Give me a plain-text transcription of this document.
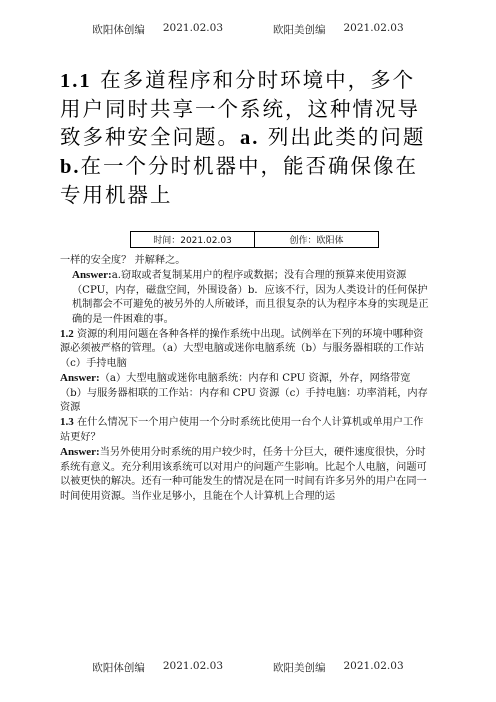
欧阳体创编 2021.02.03	欧阳美创编 2021.02.03
1.1 在多道程序和分时环境中，多个用户同时共享一个系统，这种情况导致多种安全问题。a. 列出此类的问题 b.在一个分时机器中，能否确保像在专用机器上
时间：2021.02.03	创作：欧阳体

一样的安全度？ 并解释之。

Answer:a.窃取或者复制某用户的程序或数据；没有合理的预算来使用资源（CPU，内存，磁盘空间，外围设备）b．应该不行，因为人类设计的任何保护机制都会不可避免的被另外的人所破译，而且很复杂的认为程序本身的实现是正确的是一件困难的事。

1.2 资源的利用问题在各种各样的操作系统中出现。试例举在下列的环境中哪种资源必须被严格的管理。（a）大型电脑或迷你电脑系统（b）与服务器相联的工作站（c）手持电脑

Answer:（a）大型电脑或迷你电脑系统：内存和 CPU 资源，外存，网络带宽

（b）与服务器相联的工作站：内存和 CPU 资源（c）手持电脑：功率消耗，内存资源

1.3 在什么情况下一个用户使用一个分时系统比使用一台个人计算机或单用户工作站更好？

Answer:当另外使用分时系统的用户较少时，任务十分巨大，硬件速度很快，分时系统有意义。充分利用该系统可以对用户的问题产生影响。比起个人电脑，问题可以被更快的解决。还有一种可能发生的情况是在同一时间有许多另外的用户在同一时间使用资源。当作业足够小，且能在个人计算机上合理的运

欧阳体创编 2021.02.03	欧阳美创编 2021.02.03
